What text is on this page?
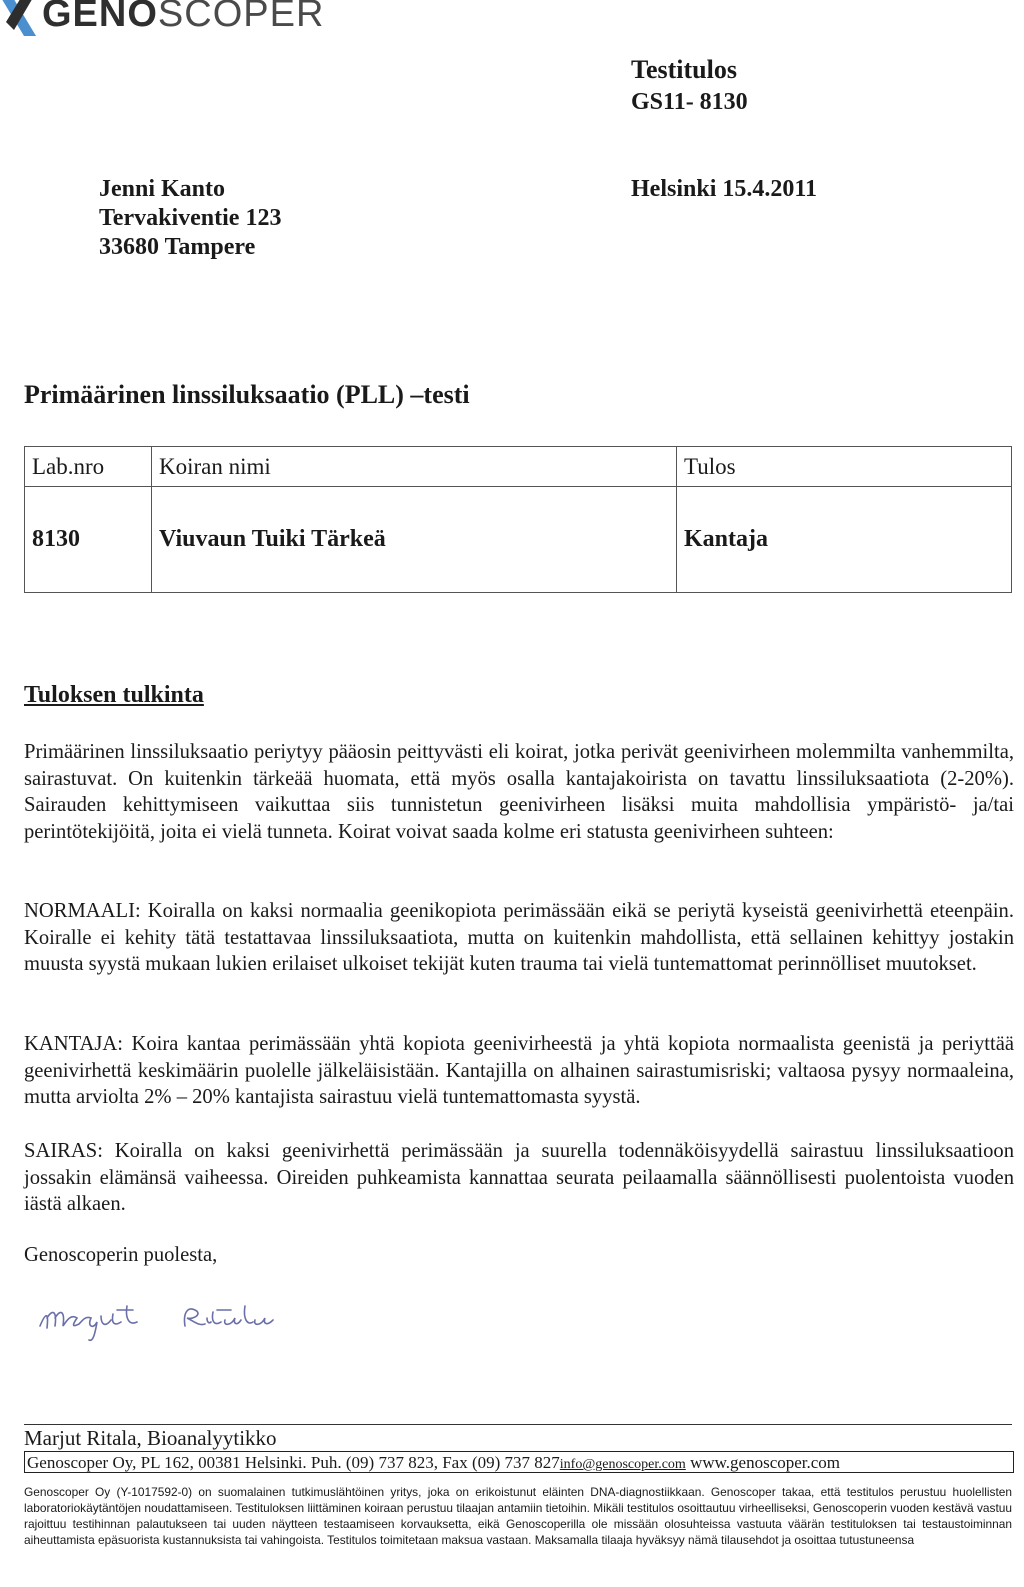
GENOSCOPER
Testitulos
GS11- 8130
Helsinki 15.4.2011
Jenni Kanto
Tervakiventie 123
33680 Tampere
Primäärinen linssiluksaatio (PLL) –testi
Lab.nro	Koiran nimi	Tulos
8130	Viuvaun Tuiki Tärkeä	Kantaja
Tuloksen tulkinta
Primäärinen linssiluksaatio periytyy pääosin peittyvästi eli koirat, jotka perivät geenivirheen molemmilta vanhemmilta, sairastuvat. On kuitenkin tärkeää huomata, että myös osalla kantajakoirista on tavattu linssiluksaatiota (2-20%). Sairauden kehittymiseen vaikuttaa siis tunnistetun geenivirheen lisäksi muita mahdollisia ympäristö- ja/tai perintötekijöitä, joita ei vielä tunneta. Koirat voivat saada kolme eri statusta geenivirheen suhteen:
NORMAALI: Koiralla on kaksi normaalia geenikopiota perimässään eikä se periytä kyseistä geenivirhettä eteenpäin. Koiralle ei kehity tätä testattavaa linssiluksaatiota, mutta on kuitenkin mahdollista, että sellainen kehittyy jostakin muusta syystä mukaan lukien erilaiset ulkoiset tekijät kuten trauma tai vielä tuntemattomat perinnölliset muutokset.
KANTAJA: Koira kantaa perimässään yhtä kopiota geenivirheestä ja yhtä kopiota normaalista geenistä ja periyttää geenivirhettä keskimäärin puolelle jälkeläisistään. Kantajilla on alhainen sairastumisriski; valtaosa pysyy normaaleina, mutta arviolta 2% – 20% kantajista sairastuu vielä tuntemattomasta syystä.
SAIRAS: Koiralla on kaksi geenivirhettä perimässään ja suurella todennäköisyydellä sairastuu linssiluksaatioon jossakin elämänsä vaiheessa. Oireiden puhkeamista kannattaa seurata peilaamalla säännöllisesti puolentoista vuoden iästä alkaen.
Genoscoperin puolesta,
Marjut Ritala, Bioanalyytikko
Genoscoper Oy, PL 162, 00381 Helsinki. Puh. (09) 737 823, Fax (09) 737 827info@genoscoper.com www.genoscoper.com
Genoscoper Oy (Y-1017592-0) on suomalainen tutkimuslähtöinen yritys, joka on erikoistunut eläinten DNA-diagnostiikkaan. Genoscoper takaa, että testitulos perustuu huolellisten laboratoriokäytäntöjen noudattamiseen. Testituloksen liittäminen koiraan perustuu tilaajan antamiin tietoihin. Mikäli testitulos osoittautuu virheelliseksi, Genoscoperin vuoden kestävä vastuu rajoittuu testihinnan palautukseen tai uuden näytteen testaamiseen korvauksetta, eikä Genoscoperilla ole missään olosuhteissa vastuuta väärän testituloksen tai testaustoiminnan aiheuttamista epäsuorista kustannuksista tai vahingoista. Testitulos toimitetaan maksua vastaan. Maksamalla tilaaja hyväksyy nämä tilausehdot ja osoittaa tutustuneensa
